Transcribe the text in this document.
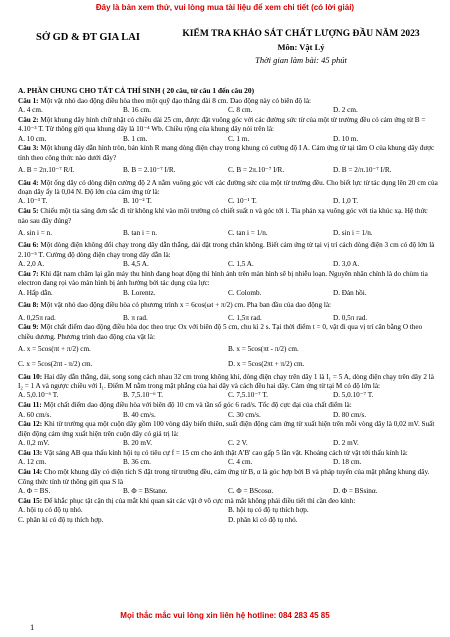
Đây là bản xem thử, vui lòng mua tài liệu để xem chi tiết (có lời giải)
SỞ GD & ĐT GIA LAI	KIỂM TRA KHẢO SÁT CHẤT LƯỢNG ĐẦU NĂM 2023
Môn: Vật Lý
Thời gian làm bài: 45 phút
A. PHẦN CHUNG CHO TẤT CẢ THÍ SINH ( 20 câu, từ câu 1 đến câu 20)
Câu 1: Một vật nhỏ dao động điều hòa theo một quỹ đạo thẳng dài 8 cm. Dao động này có biên độ là:
A. 4 cm.	B. 16 cm.	C. 8 cm.	D. 2 cm.
Câu 2: Một khung dây hình chữ nhật có chiều dài 25 cm, được đặt vuông góc với các đường sức từ của một từ trường đều có cảm ứng từ B = 4.10⁻³ T. Từ thông gửi qua khung dây là 10⁻⁴ Wb. Chiều rộng của khung dây nói trên là:
A. 10 cm.	B. 1 cm.	C. 1 m.	D. 10 m.
Câu 3: Một khung dây dẫn hình tròn, bán kính R mang dòng điện chạy trong khung có cường độ I A. Cảm ứng từ tại tâm O của khung dây được tính theo công thức nào dưới đây?
A. B = 2π.10⁻⁷ R/I.	B. B = 2.10⁻⁷ I/R.	C. B = 2π.10⁻⁷ I/R.	D. B = 2/π.10⁻⁷ I/R.
Câu 4: Một ống dây có dòng điện cường độ 2 A nằm vuông góc với các đường sức của một từ trường đều. Cho biết lực từ tác dụng lên 20 cm của đoạn dây ấy là 0,04 N. Độ lớn của cảm ứng từ là:
A. 10⁻³ T.	B. 10⁻² T.	C. 10⁻¹ T.	D. 1,0 T.
Câu 5: Chiếu một tia sáng đơn sắc đi từ không khí vào môi trường có chiết suất n và góc tới i. Tia phản xạ vuông góc với tia khúc xạ. Hệ thức nào sau đây đúng?
A. sin i = n.	B. tan i = n.	C. tan i = 1/n.	D. sin i = 1/n.
Câu 6: Một dòng điện không đổi chạy trong dây dẫn thẳng, dài đặt trong chân không. Biết cảm ứng từ tại vị trí cách dòng điện 3 cm có độ lớn là 2.10⁻⁵ T. Cường độ dòng điện chạy trong dây dẫn là:
A. 2,0 A.	B. 4,5 A.	C. 1,5 A.	D. 3,0 A.
Câu 7: Khi đặt nam châm lại gần máy thu hình đang hoạt động thì hình ảnh trên màn hình sẽ bị nhiễu loạn. Nguyên nhân chính là do chùm tia electron đang rọi vào màn hình bị ảnh hưởng bởi tác dụng của lực:
A. Hấp dẫn.	B. Lorentz.	C. Colomb.	D. Đàn hồi.
Câu 8: Một vật nhỏ dao động điều hòa có phương trình x = 6cos(ωt + π/2) cm. Pha ban đầu của dao động là:
A. 0,25π rad.	B. π rad.	C. 1,5π rad.	D. 0,5π rad.
Câu 9: Một chất điểm dao động điều hòa dọc theo trục Ox với biên độ 5 cm, chu kì 2 s. Tại thời điểm t = 0, vật đi qua vị trí cân bằng O theo chiều dương. Phương trình dao động của vật là:
A. x = 5cos(πt + π/2) cm.	B. x = 5cos(πt - π/2) cm.
C. x = 5cos(2πt - π/2) cm.	D. x = 5cos(2πt + π/2) cm.
Câu 10: Hai dây dẫn thẳng, dài, song song cách nhau 32 cm trong không khí, dòng điện chạy trên dây 1 là I₁ = 5 A, dòng điện chạy trên dây 2 là I₂ = 1 A và ngược chiều với I₁. Điểm M nằm trong mặt phẳng của hai dây và cách đều hai dây. Cảm ứng từ tại M có độ lớn là:
A. 5,0.10⁻⁶ T.	B. 7,5.10⁻⁶ T.	C. 7,5.10⁻⁷ T.	D. 5,0.10⁻⁷ T.
Câu 11: Một chất điểm dao động điều hòa với biên độ 10 cm và tần số góc 6 rad/s. Tốc độ cực đại của chất điểm là:
A. 60 cm/s.	B. 40 cm/s.	C. 30 cm/s.	D. 80 cm/s.
Câu 12: Khi từ trường qua một cuộn dây gồm 100 vòng dây biến thiên, suất điện động cảm ứng từ xuất hiện trên mỗi vòng dây là 0,02 mV. Suất điện động cảm ứng xuất hiện trên cuộn dây có giá trị là:
A. 0,2 mV.	B. 20 mV.	C. 2 V.	D. 2 mV.
Câu 13: Vật sáng AB qua thấu kính hội tụ có tiêu cự f = 15 cm cho ảnh thật A'B' cao gấp 5 lần vật. Khoảng cách từ vật tới thấu kính là:
A. 12 cm.	B. 36 cm.	C. 4 cm.	D. 18 cm.
Câu 14: Cho một khung dây có diện tích S đặt trong từ trường đều, cảm ứng từ B, α là góc hợp bởi B và pháp tuyến của mặt phẳng khung dây. Công thức tính từ thông gửi qua S là
A. Φ = BS.	B. Φ = BStanα.	C. Φ = BScosα.	D. Φ = BSsinα.
Câu 15: Để khắc phục tật cận thị của mắt khi quan sát các vật ở vô cực mà mắt không phải điều tiết thì cần đeo kính:
A. hội tụ có độ tụ nhỏ.	B. hội tụ có độ tụ thích hợp.
C. phân kì có độ tụ thích hợp.	D. phân kì có độ tụ nhỏ.
Mọi thắc mắc vui lòng xin liên hệ hotline: 084 283 45 85
1
